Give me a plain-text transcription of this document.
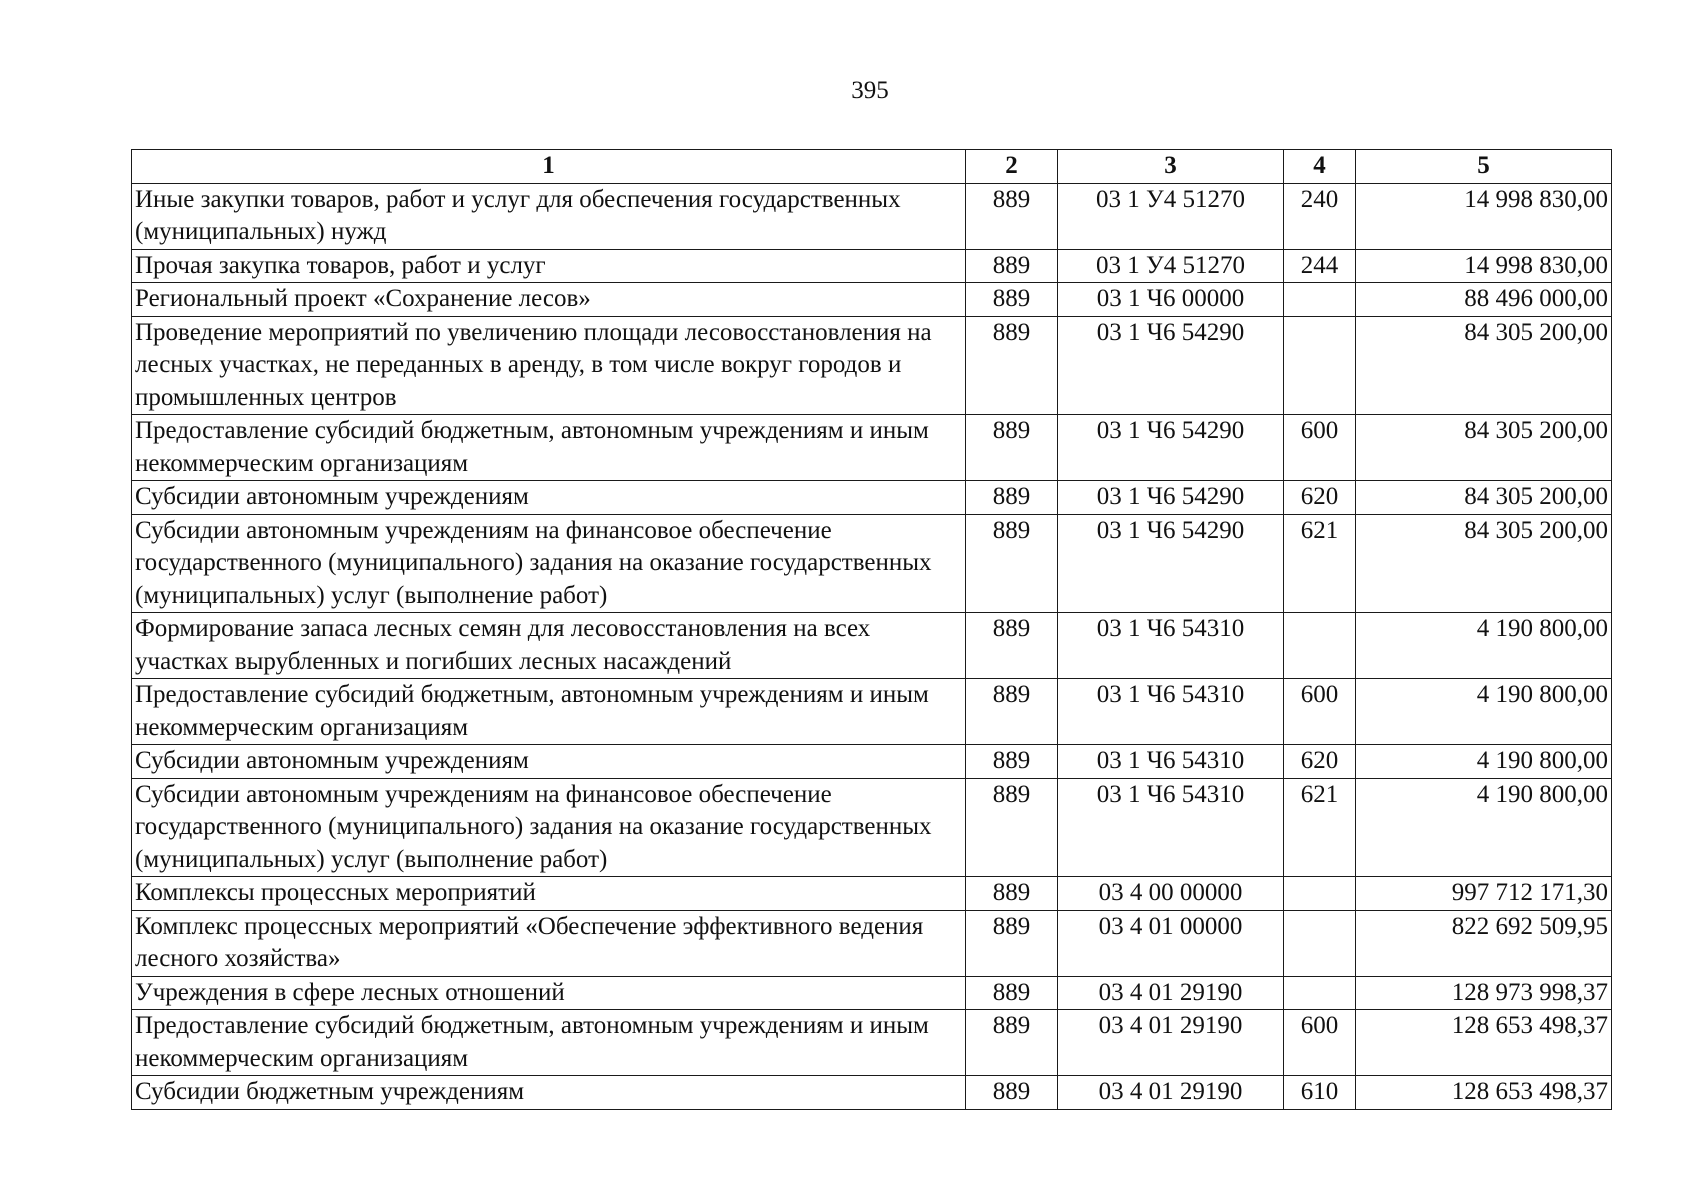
395
1	2	3	4	5
Иные закупки товаров, работ и услуг для обеспечения государственных (муниципальных) нужд	889	03 1 У4 51270	240	14 998 830,00
Прочая закупка товаров, работ и услуг	889	03 1 У4 51270	244	14 998 830,00
Региональный проект «Сохранение лесов»	889	03 1 Ч6 00000		88 496 000,00
Проведение мероприятий по увеличению площади лесовосстановления на лесных участках, не переданных в аренду, в том числе вокруг городов и промышленных центров	889	03 1 Ч6 54290		84 305 200,00
Предоставление субсидий бюджетным, автономным учреждениям и иным некоммерческим организациям	889	03 1 Ч6 54290	600	84 305 200,00
Субсидии автономным учреждениям	889	03 1 Ч6 54290	620	84 305 200,00
Субсидии автономным учреждениям на финансовое обеспечение государственного (муниципального) задания на оказание государственных (муниципальных) услуг (выполнение работ)	889	03 1 Ч6 54290	621	84 305 200,00
Формирование запаса лесных семян для лесовосстановления на всех участках вырубленных и погибших лесных насаждений	889	03 1 Ч6 54310		4 190 800,00
Предоставление субсидий бюджетным, автономным учреждениям и иным некоммерческим организациям	889	03 1 Ч6 54310	600	4 190 800,00
Субсидии автономным учреждениям	889	03 1 Ч6 54310	620	4 190 800,00
Субсидии автономным учреждениям на финансовое обеспечение государственного (муниципального) задания на оказание государственных (муниципальных) услуг (выполнение работ)	889	03 1 Ч6 54310	621	4 190 800,00
Комплексы процессных мероприятий	889	03 4 00 00000		997 712 171,30
Комплекс процессных мероприятий «Обеспечение эффективного ведения лесного хозяйства»	889	03 4 01 00000		822 692 509,95
Учреждения в сфере лесных отношений	889	03 4 01 29190		128 973 998,37
Предоставление субсидий бюджетным, автономным учреждениям и иным некоммерческим организациям	889	03 4 01 29190	600	128 653 498,37
Субсидии бюджетным учреждениям	889	03 4 01 29190	610	128 653 498,37
